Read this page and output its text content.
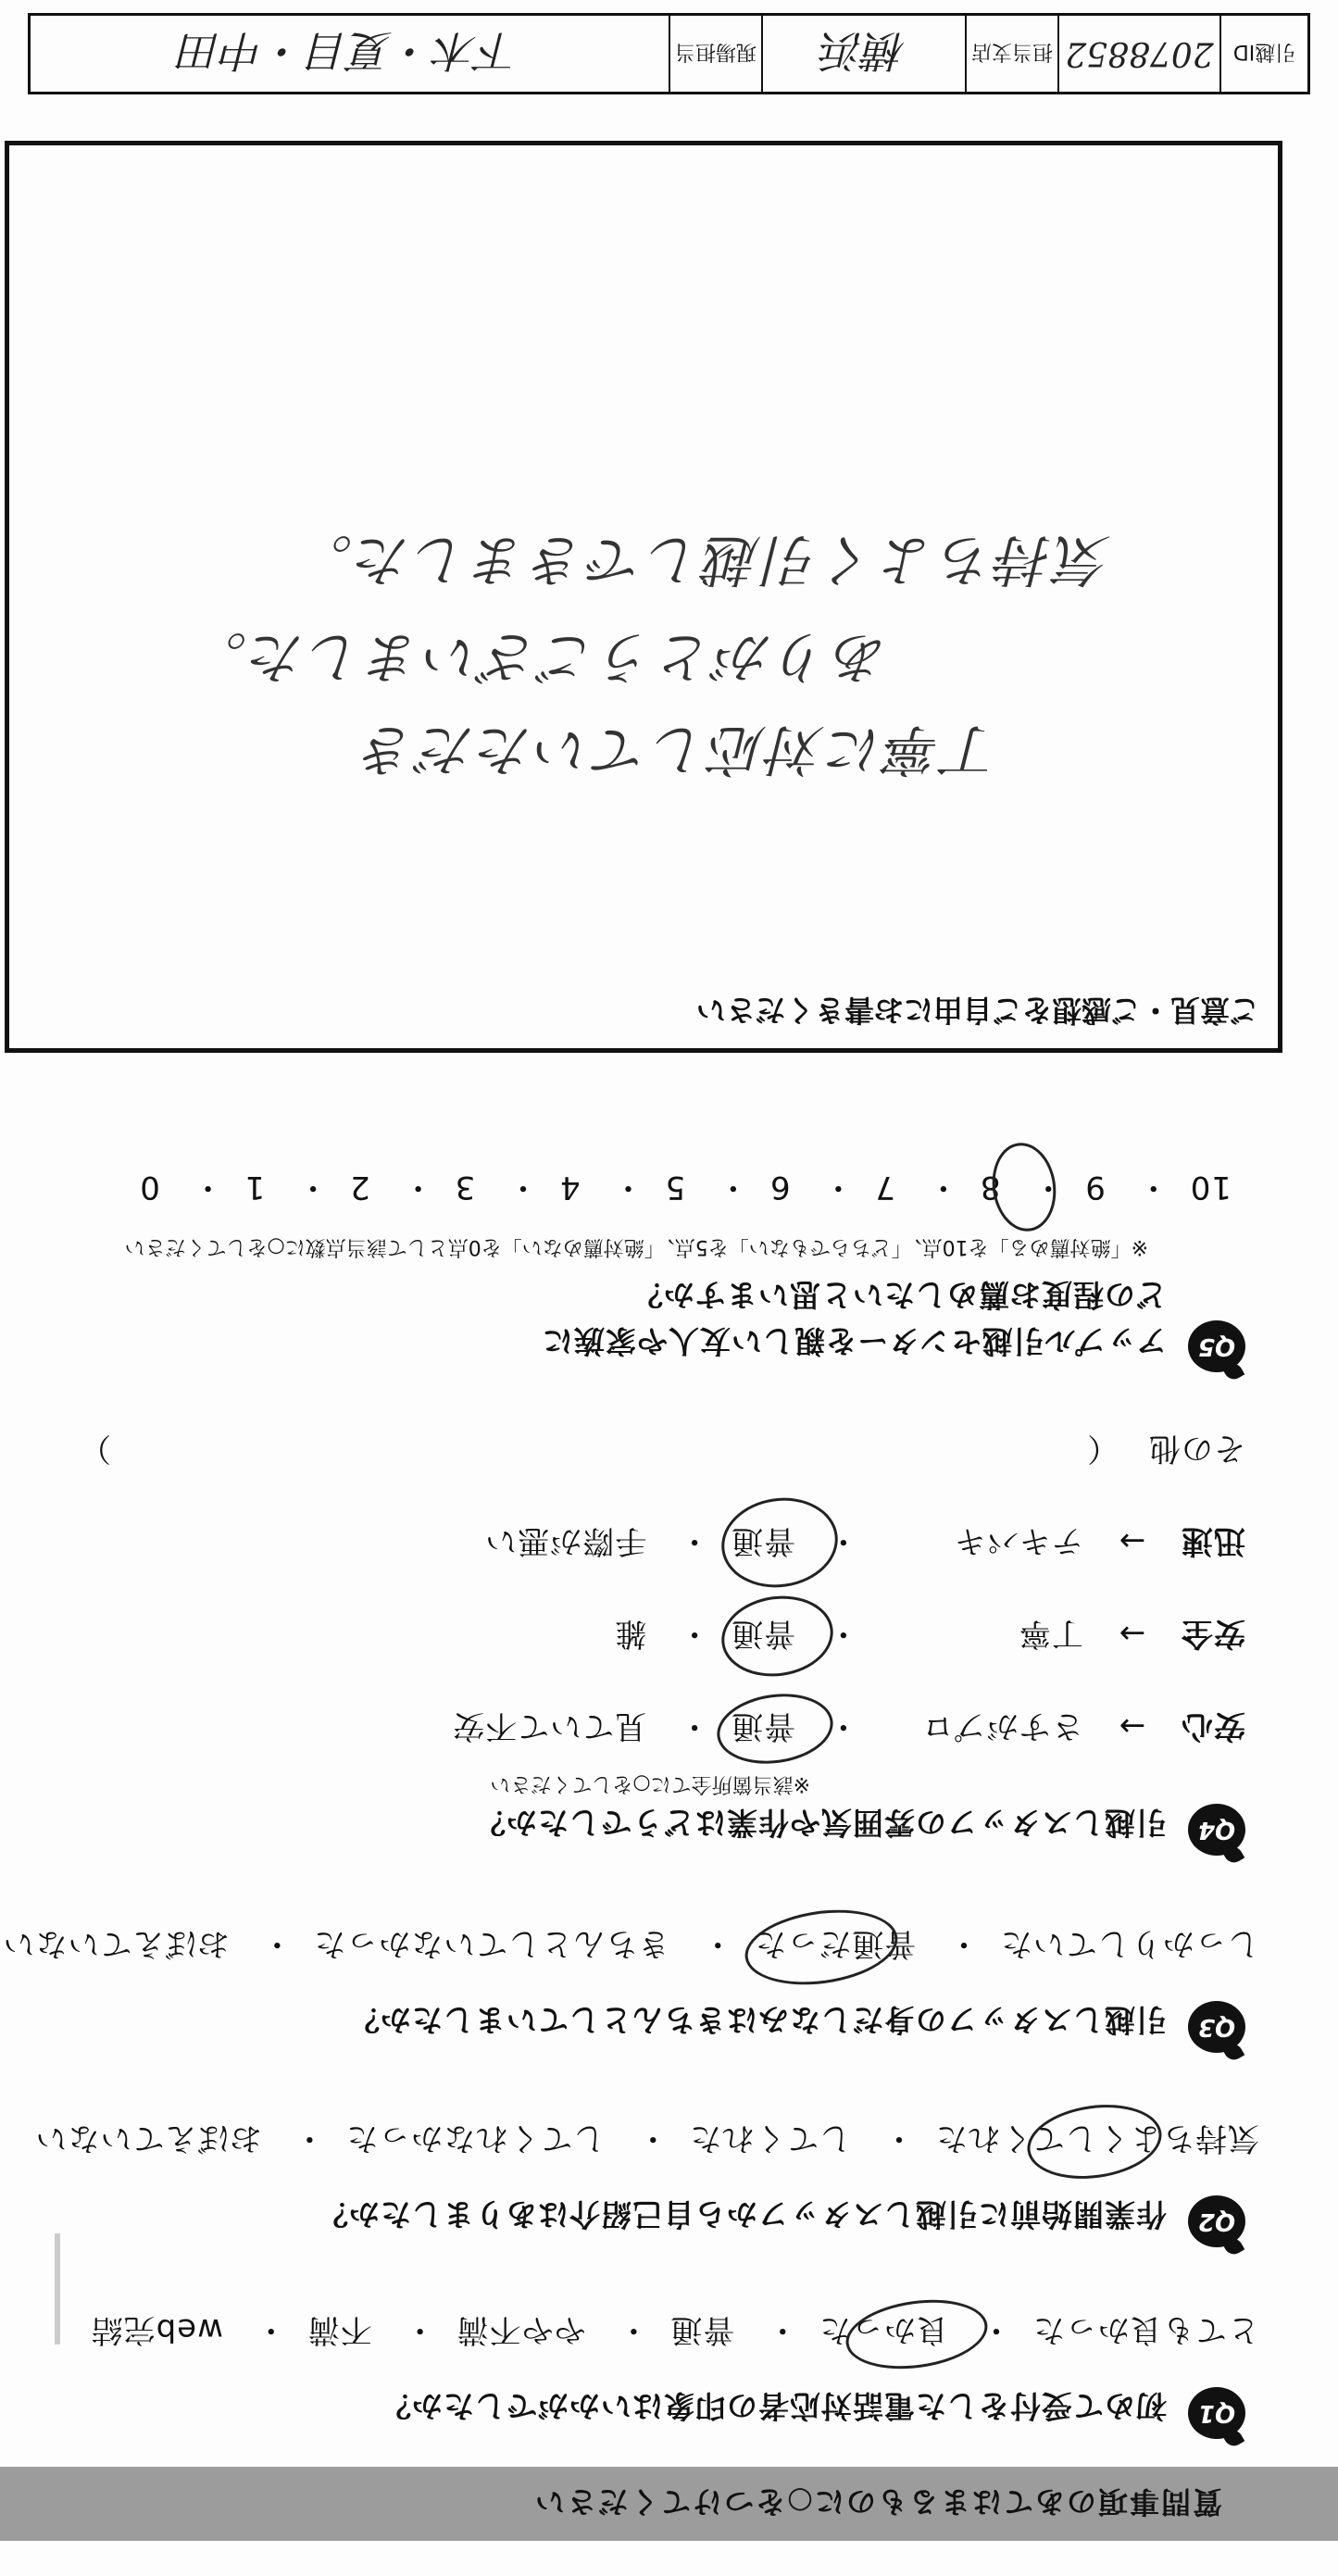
質問事項のあてはまるものに○をつけてください
Q1
初めて受付をした電話対応者の印象はいかがでしたか？
とても良かった・ 良かった・ 普通・ やや不満・ 不満・ web完結
Q2
作業開始前に引越しスタッフから自己紹介はありましたか？
気持ちよくしてくれた・ してくれた・ してくれなかった・ おぼえていない
Q3
引越しスタッフの身だしなみはきちんとしていましたか？
しっかりしていた・ 普通だった・ きちんとしていなかった・ おぼえていない
Q4
引越しスタッフの雰囲気や作業はどうでしたか？
※該当箇所全てに○をしてください
安心 → さすがプロ・ 普通・ 見ていて不安
安全 → 丁寧・ 普通・ 雑
迅速 → テキパキ・ 普通・ 手際が悪い
その他 （
）
Q5
アップル引越センターを親しい友人や家族に
どの程度お薦めしたいと思いますか？
※「絶対薦める」を10点、「どちらでもない」を5点、「絶対薦めない」を0点として該当点数に○をしてください
10・ 9・ 8・ 7・ 6・ 5・ 4・ 3・ 2・ 1・ 0
ご意見・ご感想をご自由にお書きください
丁寧に対応していただき
ありがとうございました。
気持ちよく引越しできました。
引越ID
2078852
担当支店
横浜
現場担当
下木・夏目・中田
